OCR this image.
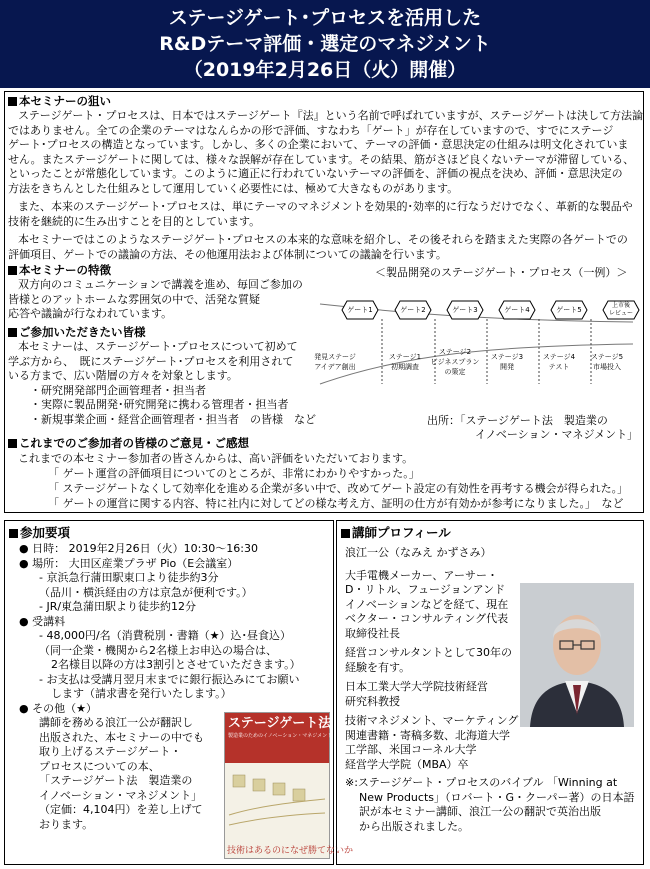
ステージゲート･プロセスを活用した
R&Dテーマ評価・選定のマネジメント
（2019年2月26日（火）開催）
本セミナーの狙い
ステージゲート・プロセスは、日本ではステージゲート『法』という名前で呼ばれていますが、ステージゲートは決して方法論
ではありません。全ての企業のテーマはなんらかの形で評価、すなわち「ゲート」が存在していますので、すでにステージ
ゲート･プロセスの構造となっています。しかし、多くの企業において、テーマの評価・意思決定の仕組みは明文化されていま
せん。またステージゲートに関しては、様々な誤解が存在しています。その結果、筋がさほど良くないテーマが滞留している、
といったことが常態化しています。このように適正に行われていないテーマの評価を、評価の視点を決め、評価・意思決定の
方法をきちんとした仕組みとして運用していく必要性には、極めて大きなものがあります。
また、本来のステージゲート･プロセスは、単にテーマのマネジメントを効果的･効率的に行なうだけでなく、革新的な製品や
技術を継続的に生み出すことを目的としています。
本セミナーではこのようなステージゲート･プロセスの本来的な意味を紹介し、その後それらを踏まえた実際の各ゲートでの
評価項目、ゲートでの議論の方法、その他運用法および体制についての議論を行います。
本セミナーの特徴
双方向のコミュニケーションで講義を進め、毎回ご参加の
皆様とのアットホームな雰囲気の中で、活発な質疑
応答や議論が行なわれています。
ご参加いただきたい皆様
本セミナーは、ステージゲート･プロセスについて初めて
学ぶ方から、　既にステージゲート･プロセスを利用されて
いる方まで、広い階層の方々を対象とします。
・研究開発部門企画管理者・担当者
・実際に製品開発･研究開発に携わる管理者・担当者
・新規事業企画・経営企画管理者・担当者　の皆様　など
＜製品開発のステージゲート・プロセス（一例）＞
ゲート1	ゲート2	ゲート3	ゲート4	ゲート5
上市後
レビュー
発見ステージ
アイデア創出
ステージ1
初期調査
ステージ2
ビジネスプラン
の策定
ステージ3
開発
ステージ4
テスト
ステージ5
市場投入
出所：「ステージゲート法　製造業の
イノベーション・マネジメント」
これまでのご参加者の皆様のご意見・ご感想
これまでの本セミナー参加者の皆さんからは、高い評価をいただいております。
「 ゲート運営の評価項目についてのところが、非常にわかりやすかった。」
「 ステージゲートなくして効率化を進める企業が多い中で、改めてゲート設定の有効性を再考する機会が得られた。」
「 ゲートの運営に関する内容、特に社内に対してどの様な考え方、証明の仕方が有効かが参考になりました。」　など
参加要項
● 日時： 2019年2月26日（火）10:30～16:30
● 場所： 大田区産業プラザ Pio（E会議室）
- 京浜急行蒲田駅東口より徒歩約3分
（品川・横浜経由の方は京急が便利です。）
- JR/東急蒲田駅より徒歩約12分
● 受講料
- 48,000円/名（消費税別・書籍（★）込･昼食込）
（同一企業・機関から2名様上お申込の場合は、
2名様目以降の方は3割引とさせていただきます。）
- お支払は受講月翌月末までに銀行振込みにてお願い
します（請求書を発行いたします。）
● その他（★）
講師を務める浪江一公が翻訳し
出版された、本セミナーの中でも
取り上げるステージゲート・
プロセスについての本、
「ステージゲート法　製造業の
イノベーション・マネジメント」
（定価：4,104円）を差し上げて
おります。
ステージゲート法
製造業のためのイノベーション・マネジメント
技術はあるのになぜ勝てないか
講師プロフィール
浪江一公（なみえ かずさみ）
大手電機メーカー、アーサー・
D・リトル、フュージョンアンド
イノベーションなどを経て、現在
ベクター・コンサルティング代表
取締役社長
経営コンサルタントとして30年の
経験を有す。
日本工業大学大学院技術経営
研究科教授
技術マネジメント、マーケティング
関連書籍・寄稿多数、北海道大学
工学部、米国コーネル大学
経営学大学院（MBA）卒
※:ステージゲート・プロセスのバイブル 「Winning at
New Products」（ロバート・G・クーパー著）の日本語
訳が本セミナー講師、浪江一公の翻訳で英治出版
から出版されました。
